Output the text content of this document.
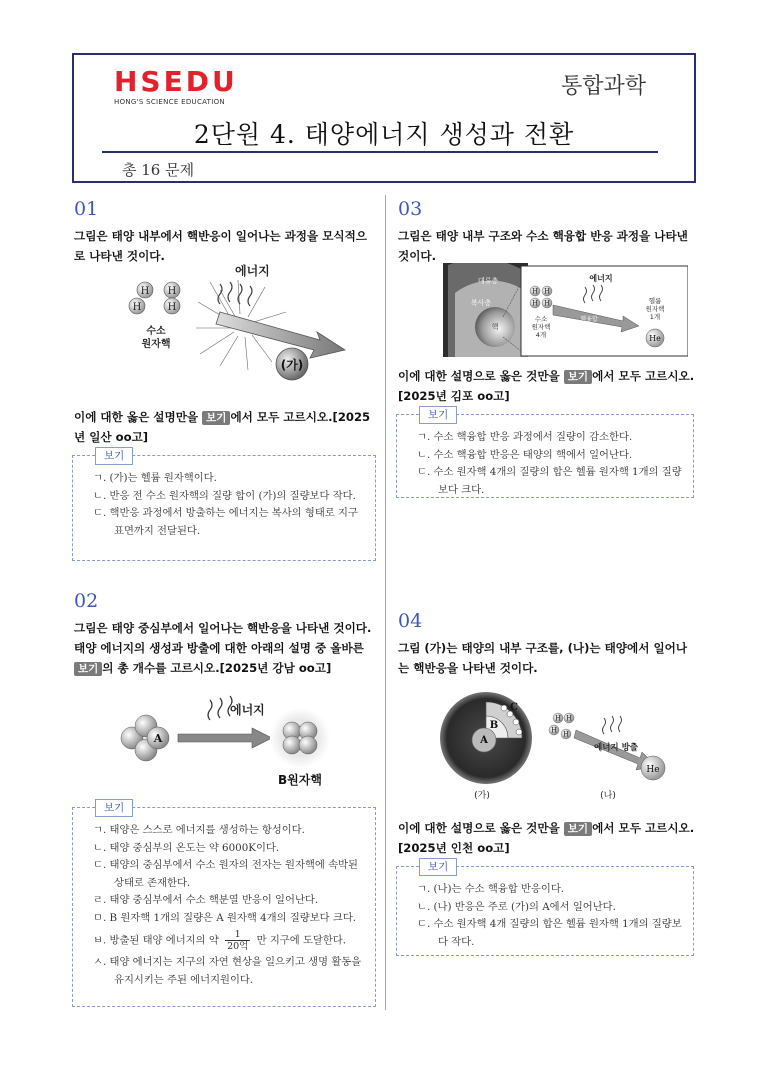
HSEDU
HONG'S SCIENCE EDUCATION
통합과학
2단원 4. 태양에너지 생성과 전환
총 16 문제
01
그림은 태양 내부에서 핵반응이 일어나는 과정을 모식적으로 나타낸 것이다.
에너지
H H
H	H
수소
원자핵
(가)
이에 대한 옳은 설명만을 보기 에서 모두 고르시오.[2025년 일산 oo고]
보기
ㄱ. (가)는 헬륨 원자핵이다.
ㄴ. 반응 전 수소 원자핵의 질량 합이 (가)의 질량보다 작다.
ㄷ. 핵반응 과정에서 방출하는 에너지는 복사의 형태로 지구 표면까지 전달된다.
02
그림은 태양 중심부에서 일어나는 핵반응을 나타낸 것이다. 태양 에너지의 생성과 방출에 대한 아래의 설명 중 올바른 보기 의 총 개수를 고르시오.[2025년 강남 oo고]
A
에너지
B원자핵
보기
ㄱ. 태양은 스스로 에너지를 생성하는 항성이다.
ㄴ. 태양 중심부의 온도는 약 6000K이다.
ㄷ. 태양의 중심부에서 수소 원자의 전자는 원자핵에 속박된 상태로 존재한다.
ㄹ. 태양 중심부에서 수소 핵분열 반응이 일어난다.
ㅁ. B 원자핵 1개의 질량은 A 원자핵 4개의 질량보다 크다.
ㅂ. 방출된 태양 에너지의 약	1
20억 만 지구에 도달한다.
ㅅ. 태양 에너지는 지구의 자연 현상을 일으키고 생명 활동을 유지시키는 주된 에너지원이다.
03
그림은 태양 내부 구조와 수소 핵융합 반응 과정을 나타낸 것이다.
대류층
복사층
핵
H H
H H
수소
원자핵
4개
핵융합
에너지
헬륨
원자핵
1개
He
이에 대한 설명으로 옳은 것만을 보기 에서 모두 고르시오.[2025년 김포 oo고]
보기
ㄱ. 수소 핵융합 반응 과정에서 질량이 감소한다.
ㄴ. 수소 핵융합 반응은 태양의 핵에서 일어난다.
ㄷ. 수소 원자핵 4개의 질량의 합은 헬륨 원자핵 1개의 질량보다 크다.
04
그림 (가)는 태양의 내부 구조를, (나)는 태양에서 일어나는 핵반응을 나타낸 것이다.
A
B
C
H H
H H
에너지 방출
He
(가)	(나)
이에 대한 설명으로 옳은 것만을 보기 에서 모두 고르시오.[2025년 인천 oo고]
보기
ㄱ. (나)는 수소 핵융합 반응이다.
ㄴ. (나) 반응은 주로 (가)의 A에서 일어난다.
ㄷ. 수소 원자핵 4개 질량의 합은 헬륨 원자핵 1개의 질량보다 작다.
